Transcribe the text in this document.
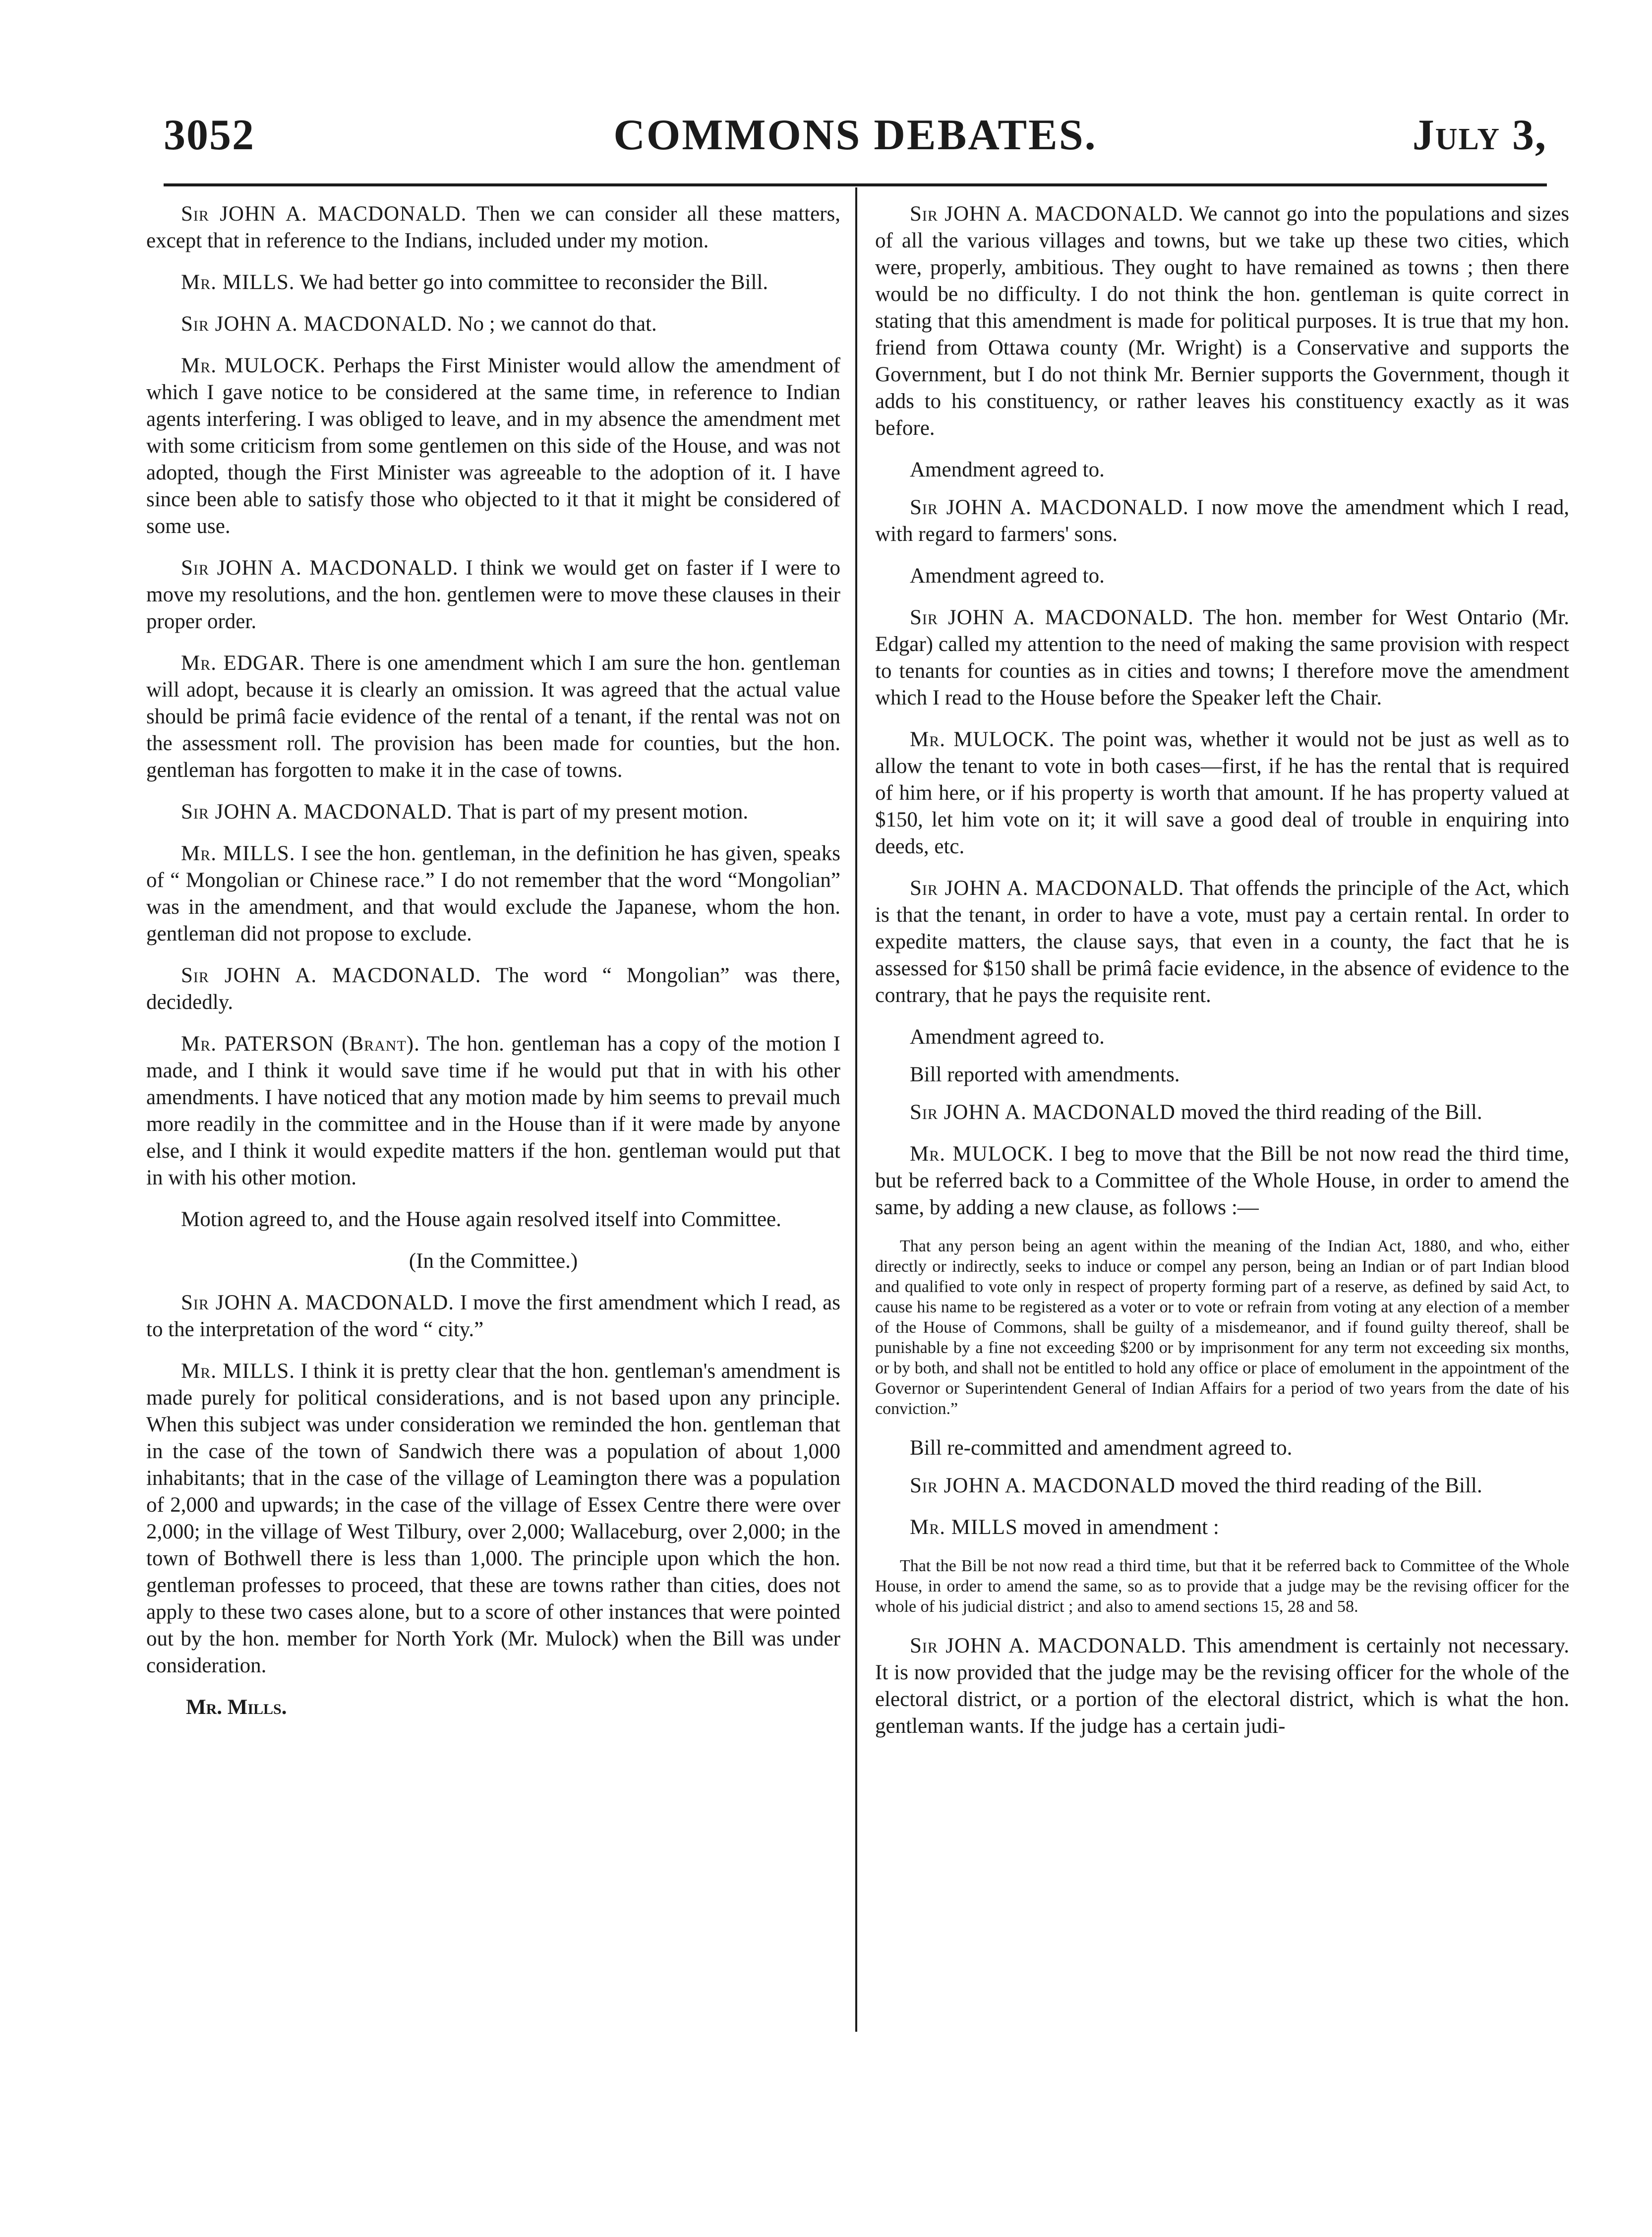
3052	COMMONS DEBATES.	July 3,

Sir JOHN A. MACDONALD. Then we can consider all these matters, except that in reference to the Indians, included under my motion.

Mr. MILLS. We had better go into committee to reconsider the Bill.

Sir JOHN A. MACDONALD. No ; we cannot do that.

Mr. MULOCK. Perhaps the First Minister would allow the amendment of which I gave notice to be considered at the same time, in reference to Indian agents interfering. I was obliged to leave, and in my absence the amendment met with some criticism from some gentlemen on this side of the House, and was not adopted, though the First Minister was agreeable to the adoption of it. I have since been able to satisfy those who objected to it that it might be considered of some use.

Sir JOHN A. MACDONALD. I think we would get on faster if I were to move my resolutions, and the hon. gentlemen were to move these clauses in their proper order.

Mr. EDGAR. There is one amendment which I am sure the hon. gentleman will adopt, because it is clearly an omission. It was agreed that the actual value should be primâ facie evidence of the rental of a tenant, if the rental was not on the assessment roll. The provision has been made for counties, but the hon. gentleman has forgotten to make it in the case of towns.

Sir JOHN A. MACDONALD. That is part of my present motion.

Mr. MILLS. I see the hon. gentleman, in the definition he has given, speaks of “ Mongolian or Chinese race.” I do not remember that the word “Mongolian” was in the amendment, and that would exclude the Japanese, whom the hon. gentleman did not propose to exclude.

Sir JOHN A. MACDONALD. The word “ Mongolian” was there, decidedly.

Mr. PATERSON (Brant). The hon. gentleman has a copy of the motion I made, and I think it would save time if he would put that in with his other amendments. I have noticed that any motion made by him seems to prevail much more readily in the committee and in the House than if it were made by anyone else, and I think it would expedite matters if the hon. gentleman would put that in with his other motion.

Motion agreed to, and the House again resolved itself into Committee.

(In the Committee.)

Sir JOHN A. MACDONALD. I move the first amendment which I read, as to the interpretation of the word “ city.”

Mr. MILLS. I think it is pretty clear that the hon. gentleman's amendment is made purely for political considerations, and is not based upon any principle. When this subject was under consideration we reminded the hon. gentleman that in the case of the town of Sandwich there was a population of about 1,000 inhabitants; that in the case of the village of Leamington there was a population of 2,000 and upwards; in the case of the village of Essex Centre there were over 2,000; in the village of West Tilbury, over 2,000; Wallaceburg, over 2,000; in the town of Bothwell there is less than 1,000. The principle upon which the hon. gentleman professes to proceed, that these are towns rather than cities, does not apply to these two cases alone, but to a score of other instances that were pointed out by the hon. member for North York (Mr. Mulock) when the Bill was under consideration.

Mr. Mills.

Sir JOHN A. MACDONALD. We cannot go into the populations and sizes of all the various villages and towns, but we take up these two cities, which were, properly, ambitious. They ought to have remained as towns ; then there would be no difficulty. I do not think the hon. gentleman is quite correct in stating that this amendment is made for political purposes. It is true that my hon. friend from Ottawa county (Mr. Wright) is a Conservative and supports the Government, but I do not think Mr. Bernier supports the Government, though it adds to his constituency, or rather leaves his constituency exactly as it was before.

Amendment agreed to.

Sir JOHN A. MACDONALD. I now move the amendment which I read, with regard to farmers' sons.

Amendment agreed to.

Sir JOHN A. MACDONALD. The hon. member for West Ontario (Mr. Edgar) called my attention to the need of making the same provision with respect to tenants for counties as in cities and towns; I therefore move the amendment which I read to the House before the Speaker left the Chair.

Mr. MULOCK. The point was, whether it would not be just as well as to allow the tenant to vote in both cases—first, if he has the rental that is required of him here, or if his property is worth that amount. If he has property valued at $150, let him vote on it; it will save a good deal of trouble in enquiring into deeds, etc.

Sir JOHN A. MACDONALD. That offends the principle of the Act, which is that the tenant, in order to have a vote, must pay a certain rental. In order to expedite matters, the clause says, that even in a county, the fact that he is assessed for $150 shall be primâ facie evidence, in the absence of evidence to the contrary, that he pays the requisite rent.

Amendment agreed to.

Bill reported with amendments.

Sir JOHN A. MACDONALD moved the third reading of the Bill.

Mr. MULOCK. I beg to move that the Bill be not now read the third time, but be referred back to a Committee of the Whole House, in order to amend the same, by adding a new clause, as follows :—

That any person being an agent within the meaning of the Indian Act, 1880, and who, either directly or indirectly, seeks to induce or compel any person, being an Indian or of part Indian blood and qualified to vote only in respect of property forming part of a reserve, as defined by said Act, to cause his name to be registered as a voter or to vote or refrain from voting at any election of a member of the House of Commons, shall be guilty of a misdemeanor, and if found guilty thereof, shall be punishable by a fine not exceeding $200 or by imprisonment for any term not exceeding six months, or by both, and shall not be entitled to hold any office or place of emolument in the appointment of the Governor or Superintendent General of Indian Affairs for a period of two years from the date of his conviction.”

Bill re-committed and amendment agreed to.

Sir JOHN A. MACDONALD moved the third reading of the Bill.

Mr. MILLS moved in amendment :

That the Bill be not now read a third time, but that it be referred back to Committee of the Whole House, in order to amend the same, so as to provide that a judge may be the revising officer for the whole of his judicial district ; and also to amend sections 15, 28 and 58.

Sir JOHN A. MACDONALD. This amendment is certainly not necessary. It is now provided that the judge may be the revising officer for the whole of the electoral district, or a portion of the electoral district, which is what the hon. gentleman wants. If the judge has a certain judi-
